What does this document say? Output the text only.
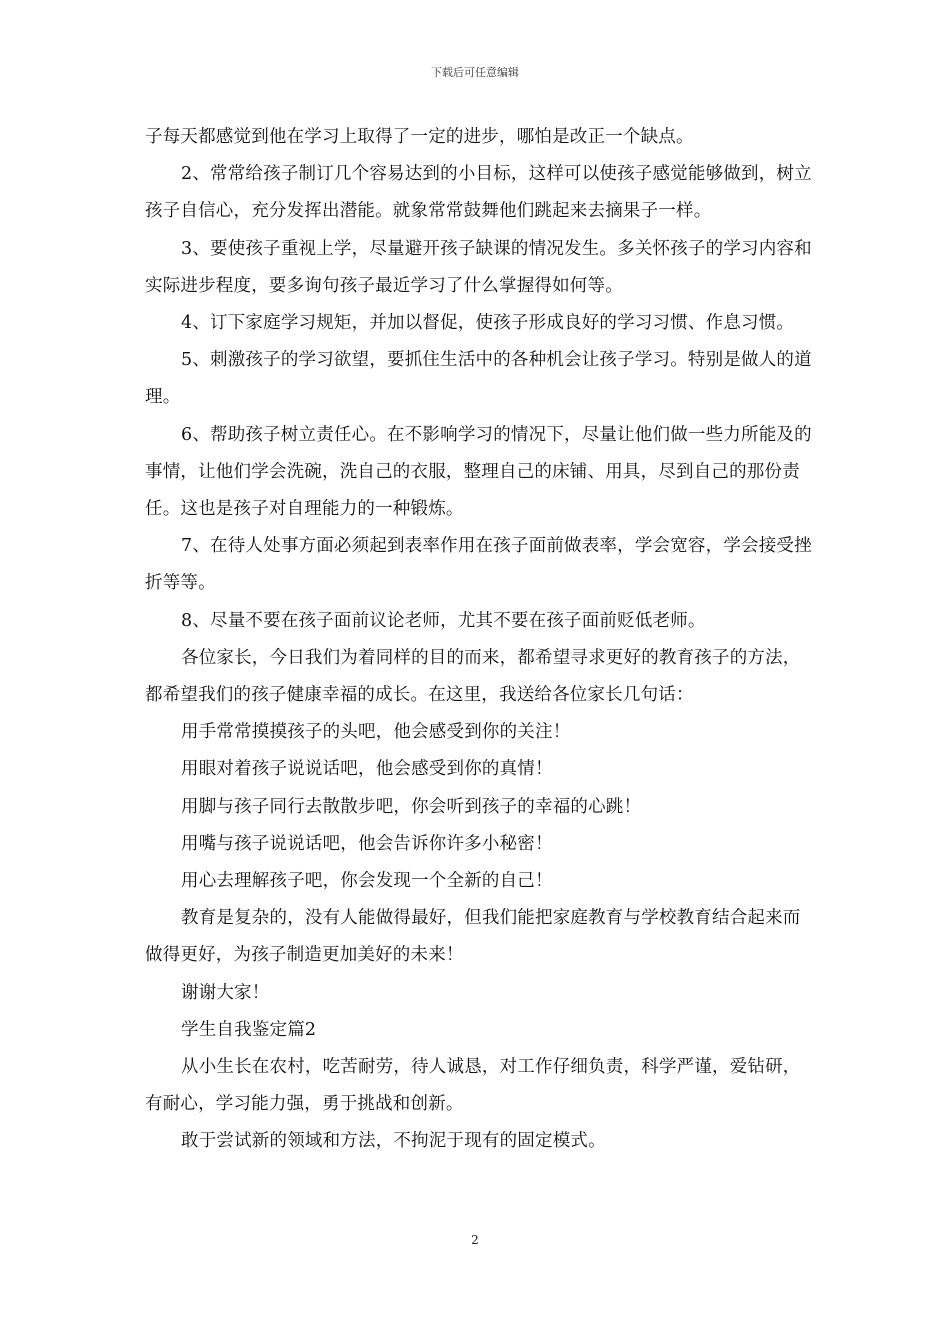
下载后可任意编辑

子每天都感觉到他在学习上取得了一定的进步，哪怕是改正一个缺点。

2、常常给孩子制订几个容易达到的小目标，这样可以使孩子感觉能够做到，树立孩子自信心，充分发挥出潜能。就象常常鼓舞他们跳起来去摘果子一样。

3、要使孩子重视上学，尽量避开孩子缺课的情况发生。多关怀孩子的学习内容和实际进步程度，要多询句孩子最近学习了什么掌握得如何等。

4、订下家庭学习规矩，并加以督促，使孩子形成良好的学习习惯、作息习惯。

5、刺激孩子的学习欲望，要抓住生活中的各种机会让孩子学习。特别是做人的道理。

6、帮助孩子树立责任心。在不影响学习的情况下，尽量让他们做一些力所能及的事情，让他们学会洗碗，洗自己的衣服，整理自己的床铺、用具，尽到自己的那份责任。这也是孩子对自理能力的一种锻炼。

7、在待人处事方面必须起到表率作用在孩子面前做表率，学会宽容，学会接受挫折等等。

8、尽量不要在孩子面前议论老师，尤其不要在孩子面前贬低老师。

各位家长，今日我们为着同样的目的而来，都希望寻求更好的教育孩子的方法，都希望我们的孩子健康幸福的成长。在这里，我送给各位家长几句话：

用手常常摸摸孩子的头吧，他会感受到你的关注！

用眼对着孩子说说话吧，他会感受到你的真情！

用脚与孩子同行去散散步吧，你会听到孩子的幸福的心跳！

用嘴与孩子说说话吧，他会告诉你许多小秘密！

用心去理解孩子吧，你会发现一个全新的自己！

教育是复杂的，没有人能做得最好，但我们能把家庭教育与学校教育结合起来而做得更好，为孩子制造更加美好的未来！

谢谢大家！

学生自我鉴定篇2

从小生长在农村，吃苦耐劳，待人诚恳，对工作仔细负责，科学严谨，爱钻研，有耐心，学习能力强，勇于挑战和创新。

敢于尝试新的领域和方法，不拘泥于现有的固定模式。

2
